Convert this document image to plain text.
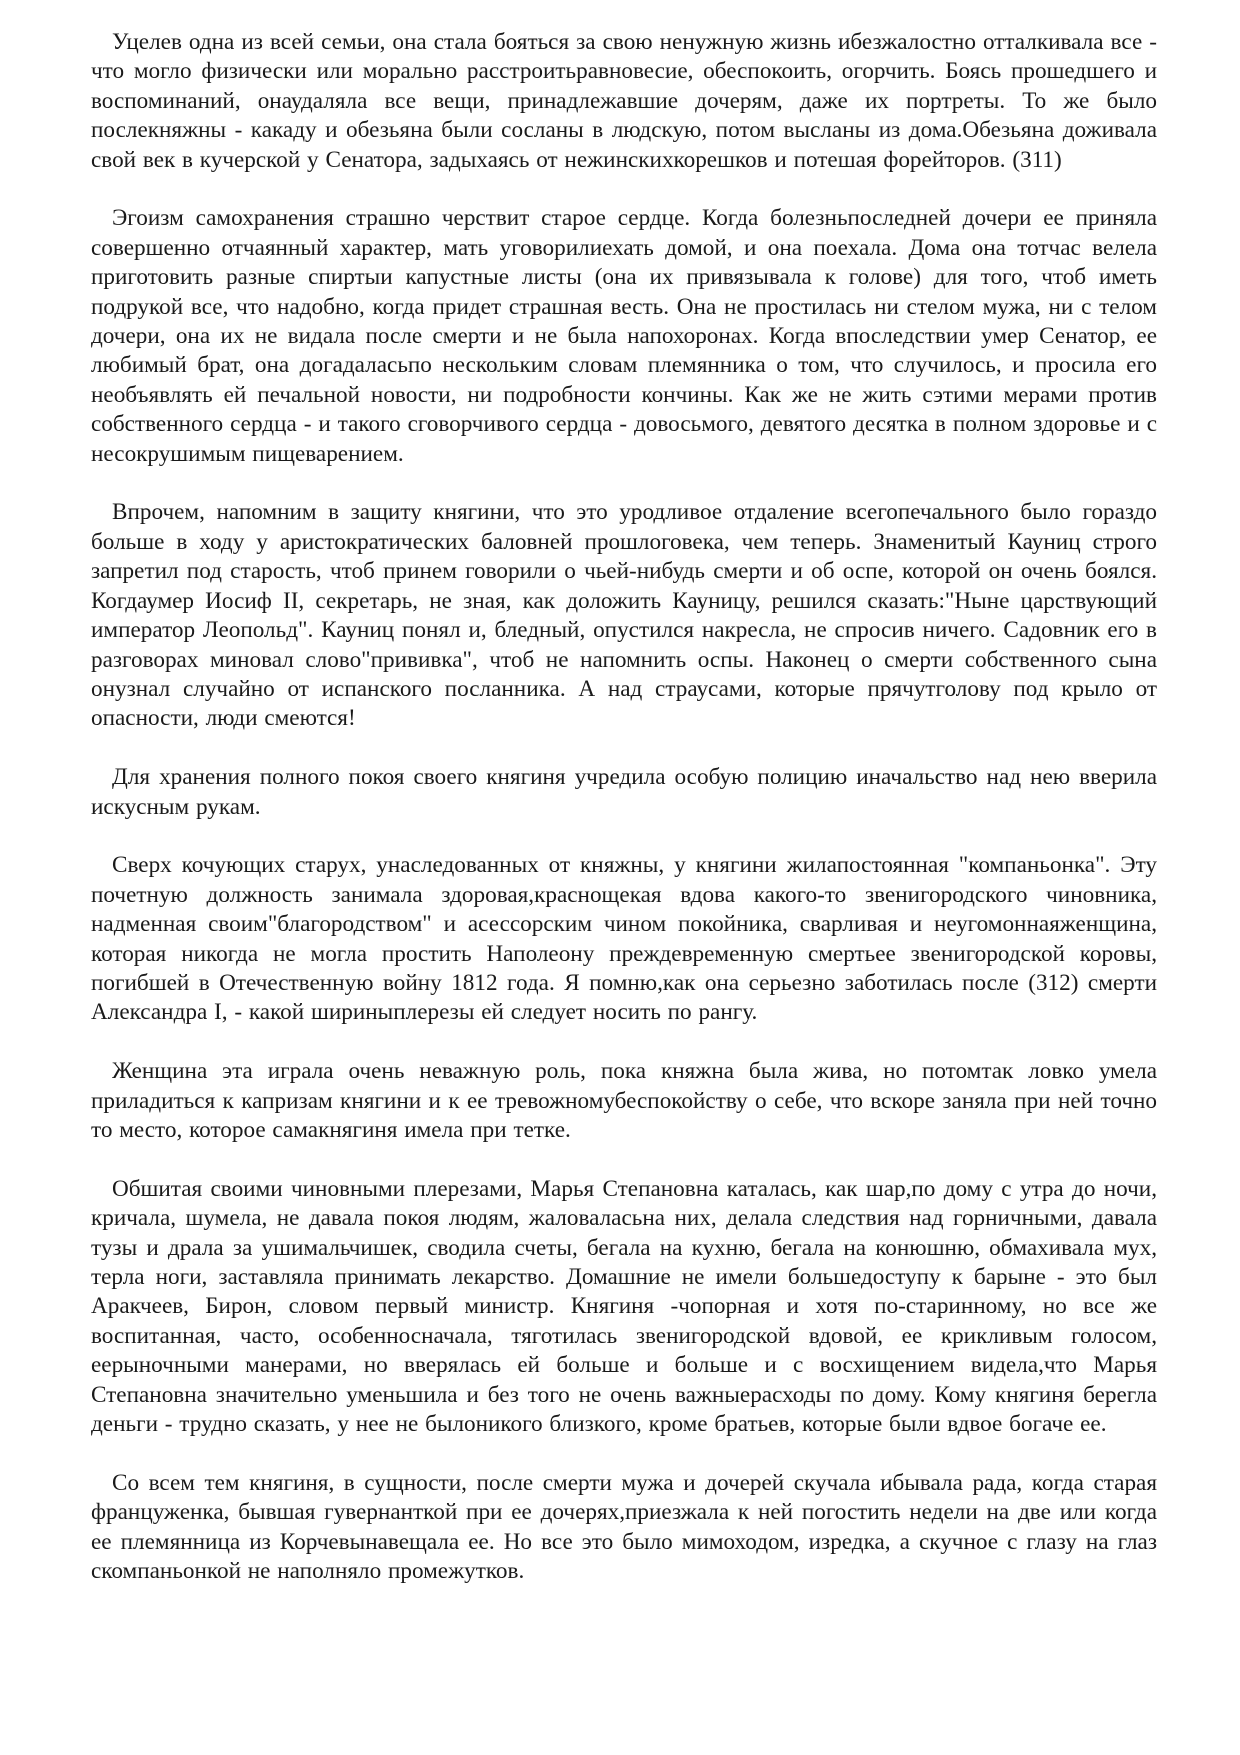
Уцелев одна из всей семьи, она стала бояться за свою ненужную жизнь ибезжалостно отталкивала все - что могло физически или морально расстроитьравновесие, обеспокоить, огорчить. Боясь прошедшего и воспоминаний, онаудаляла все вещи, принадлежавшие дочерям, даже их портреты. То же было послекняжны - какаду и обезьяна были сосланы в людскую, потом высланы из дома.Обезьяна доживала свой век в кучерской у Сенатора, задыхаясь от нежинскихкорешков и потешая форейторов. (311)

Эгоизм самохранения страшно черствит старое сердце. Когда болезньпоследней дочери ее приняла совершенно отчаянный характер, мать уговорилиехать домой, и она поехала. Дома она тотчас велела приготовить разные спиртыи капустные листы (она их привязывала к голове) для того, чтоб иметь подрукой все, что надобно, когда придет страшная весть. Она не простилась ни стелом мужа, ни с телом дочери, она их не видала после смерти и не была напохоронах. Когда впоследствии умер Сенатор, ее любимый брат, она догадаласьпо нескольким словам племянника о том, что случилось, и просила его необъявлять ей печальной новости, ни подробности кончины. Как же не жить сэтими мерами против собственного сердца - и такого сговорчивого сердца - довосьмого, девятого десятка в полном здоровье и с несокрушимым пищеварением.

Впрочем, напомним в защиту княгини, что это уродливое отдаление всегопечального было гораздо больше в ходу у аристократических баловней прошлоговека, чем теперь. Знаменитый Кауниц строго запретил под старость, чтоб принем говорили о чьей-нибудь смерти и об оспе, которой он очень боялся. Когдаумер Иосиф II, секретарь, не зная, как доложить Кауницу, решился сказать:"Ныне царствующий император Леопольд". Кауниц понял и, бледный, опустился накресла, не спросив ничего. Садовник его в разговорах миновал слово"прививка", чтоб не напомнить оспы. Наконец о смерти собственного сына онузнал случайно от испанского посланника. А над страусами, которые прячутголову под крыло от опасности, люди смеются!

Для хранения полного покоя своего княгиня учредила особую полицию иначальство над нею вверила искусным рукам.

Сверх кочующих старух, унаследованных от княжны, у княгини жилапостоянная "компаньонка". Эту почетную должность занимала здоровая,краснощекая вдова какого-то звенигородского чиновника, надменная своим"благородством" и асессорским чином покойника, сварливая и неугомоннаяженщина, которая никогда не могла простить Наполеону преждевременную смертьее звенигородской коровы, погибшей в Отечественную войну 1812 года. Я помню,как она серьезно заботилась после (312) смерти Александра I, - какой шириныплерезы ей следует носить по рангу.

Женщина эта играла очень неважную роль, пока княжна была жива, но потомтак ловко умела приладиться к капризам княгини и к ее тревожномубеспокойству о себе, что вскоре заняла при ней точно то место, которое самакнягиня имела при тетке.

Обшитая своими чиновными плерезами, Марья Степановна каталась, как шар,по дому с утра до ночи, кричала, шумела, не давала покоя людям, жаловаласьна них, делала следствия над горничными, давала тузы и драла за ушимальчишек, сводила счеты, бегала на кухню, бегала на конюшню, обмахивала мух, терла ноги, заставляла принимать лекарство. Домашние не имели большедоступу к барыне - это был Аракчеев, Бирон, словом первый министр. Княгиня -чопорная и хотя по-старинному, но все же воспитанная, часто, особенносначала, тяготилась звенигородской вдовой, ее крикливым голосом, еерыночными манерами, но вверялась ей больше и больше и с восхищением видела,что Марья Степановна значительно уменьшила и без того не очень важныерасходы по дому. Кому княгиня берегла деньги - трудно сказать, у нее не былоникого близкого, кроме братьев, которые были вдвое богаче ее.

Со всем тем княгиня, в сущности, после смерти мужа и дочерей скучала ибывала рада, когда старая француженка, бывшая гувернанткой при ее дочерях,приезжала к ней погостить недели на две или когда ее племянница из Корчевынавещала ее. Но все это было мимоходом, изредка, а скучное с глазу на глаз скомпаньонкой не наполняло промежутков.
